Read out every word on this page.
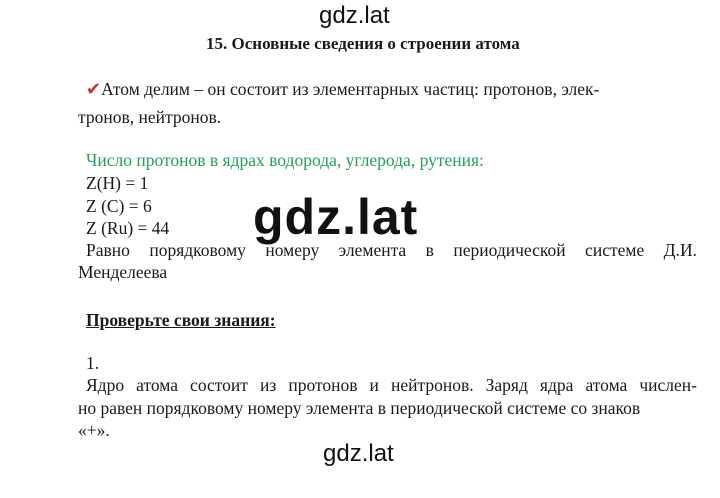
gdz.lat
15. Основные сведения о строении атома
✔Атом делим – он состоит из элементарных частиц: протонов, элек-
тронов, нейтронов.
Число протонов в ядрах водорода, углерода, рутения:
Z(H) = 1
Z (C) = 6
Z (Ru) = 44
Равно порядковому номеру элемента в периодической системе Д.И.
Менделеева
gdz.lat
Проверьте свои знания:
1.
Ядро атома состоит из протонов и нейтронов. Заряд ядра атома числен-
но равен порядковому номеру элемента в периодической системе со знаков
«+».
gdz.lat
